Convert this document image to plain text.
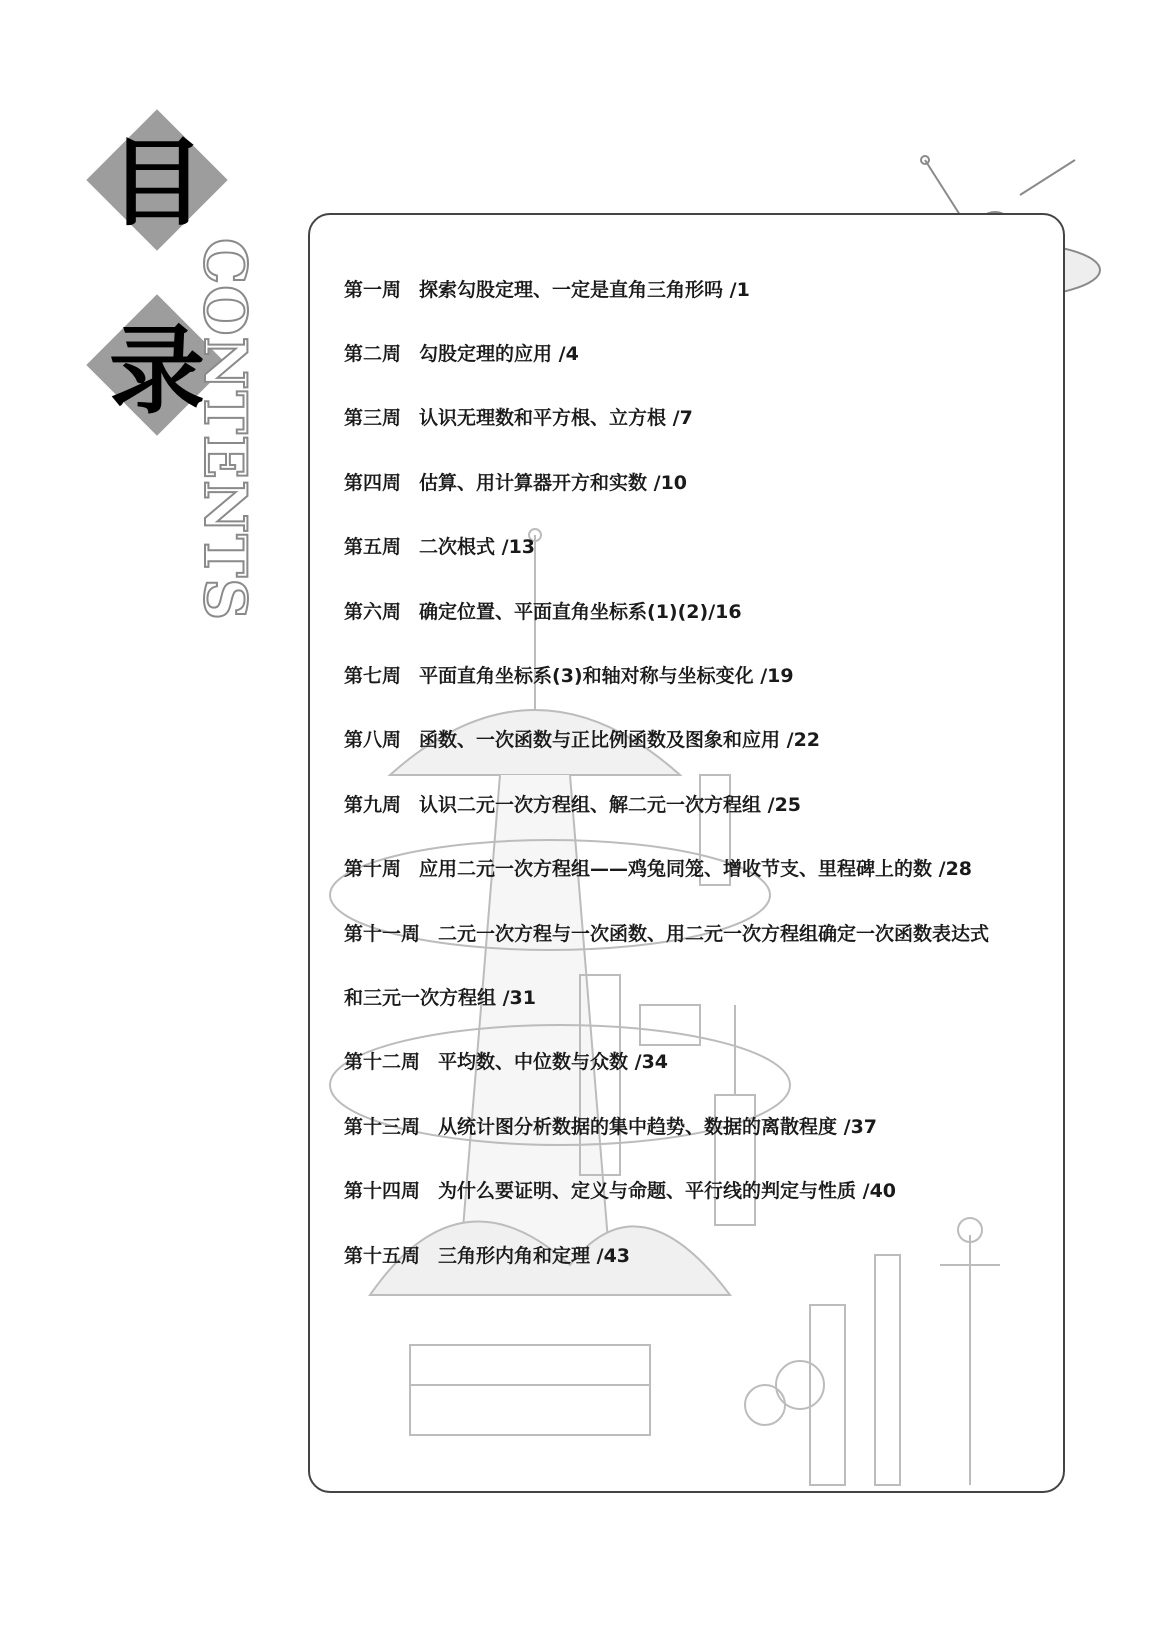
目
录
CONTENTS	第一周 探索勾股定理、一定是直角三角形吗 /1
第二周 勾股定理的应用 /4
第三周 认识无理数和平方根、立方根 /7
第四周 估算、用计算器开方和实数 /10
第五周 二次根式 /13
第六周 确定位置、平面直角坐标系(1)(2)/16
第七周 平面直角坐标系(3)和轴对称与坐标变化 /19
第八周 函数、一次函数与正比例函数及图象和应用 /22
第九周 认识二元一次方程组、解二元一次方程组 /25
第十周 应用二元一次方程组——鸡兔同笼、增收节支、里程碑上的数 /28
第十一周 二元一次方程与一次函数、用二元一次方程组确定一次函数表达式
和三元一次方程组 /31
第十二周 平均数、中位数与众数 /34
第十三周 从统计图分析数据的集中趋势、数据的离散程度 /37
第十四周 为什么要证明、定义与命题、平行线的判定与性质 /40
第十五周 三角形内角和定理 /43
